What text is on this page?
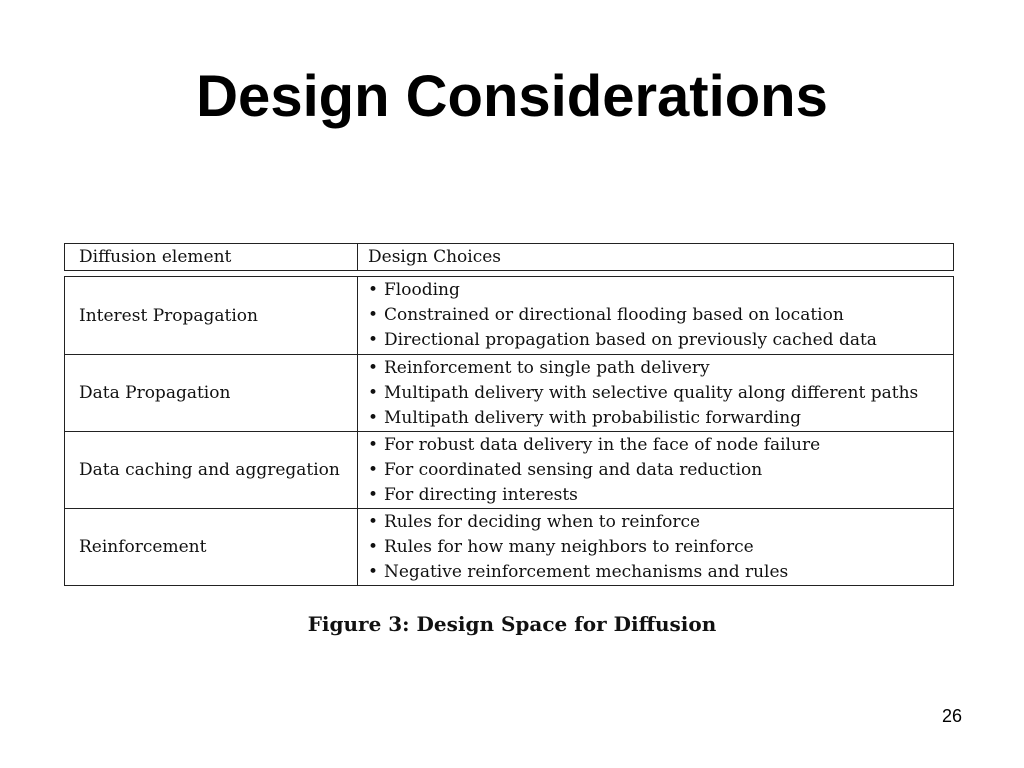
Design Considerations
Diffusion element	Design Choices
Interest Propagation
• Flooding
• Constrained or directional flooding based on location
• Directional propagation based on previously cached data
Data Propagation
• Reinforcement to single path delivery
• Multipath delivery with selective quality along different paths
• Multipath delivery with probabilistic forwarding
Data caching and aggregation
• For robust data delivery in the face of node failure
• For coordinated sensing and data reduction
• For directing interests
Reinforcement
• Rules for deciding when to reinforce
• Rules for how many neighbors to reinforce
• Negative reinforcement mechanisms and rules
Figure 3: Design Space for Diffusion
26
